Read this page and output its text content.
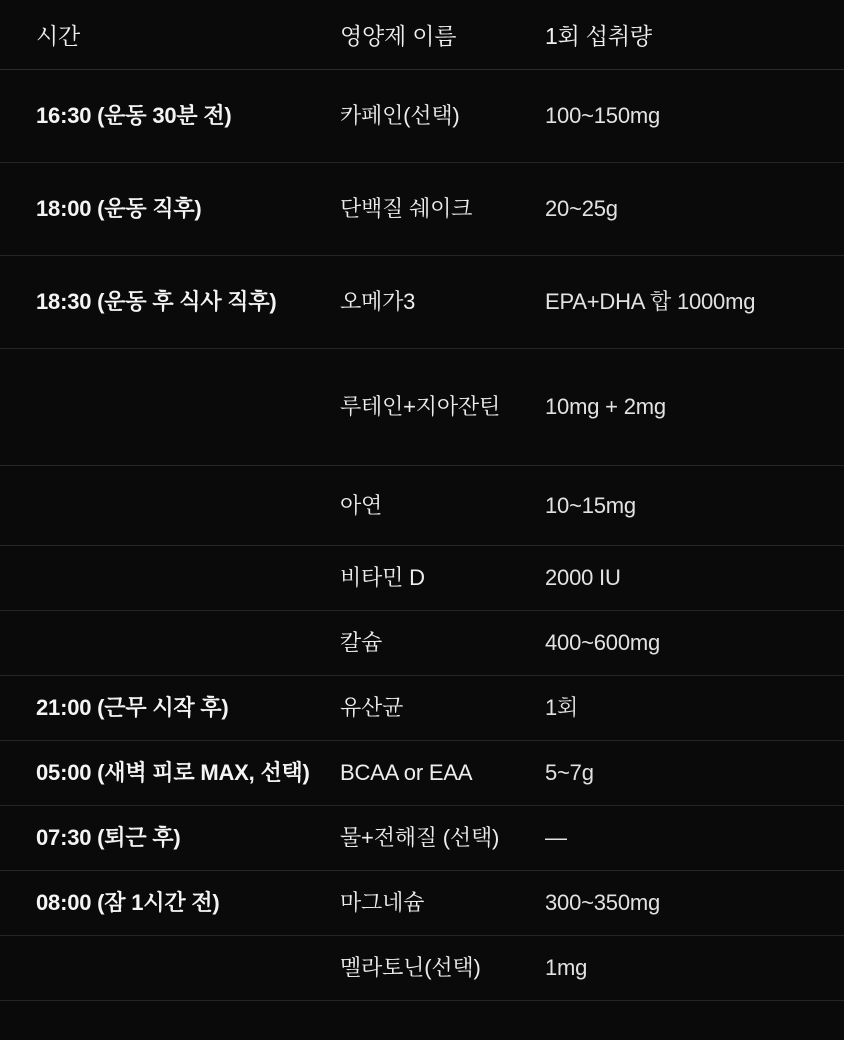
시간	영양제 이름	1회 섭취량
16:30 (운동 30분 전)	카페인(선택)	100~150mg
18:00 (운동 직후)	단백질 쉐이크	20~25g
18:30 (운동 후 식사 직후)	오메가3	EPA+DHA 합 1000mg
	루테인+지아잔틴	10mg + 2mg
	아연	10~15mg
	비타민 D	2000 IU
	칼슘	400~600mg
21:00 (근무 시작 후)	유산균	1회
05:00 (새벽 피로 MAX, 선택)	BCAA or EAA	5~7g
07:30 (퇴근 후)	물+전해질 (선택)	—
08:00 (잠 1시간 전)	마그네슘	300~350mg
	멜라토닌(선택)	1mg
